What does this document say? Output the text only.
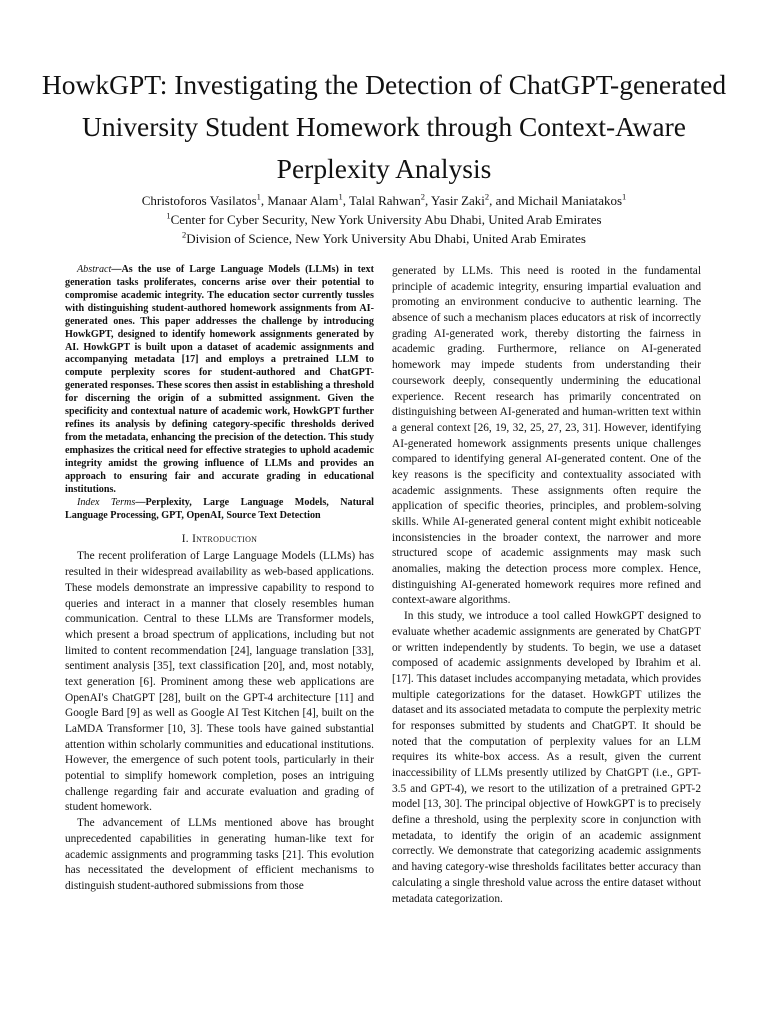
HowkGPT: Investigating the Detection of ChatGPT-generated University Student Homework through Context-Aware Perplexity Analysis

Christoforos Vasilatos$^1$, Manaar Alam$^1$, Talal Rahwan$^2$, Yasir Zaki$^2$, and Michail Maniatakos$^1$

$^1$Center for Cyber Security, New York University Abu Dhabi, United Arab Emirates

$^2$Division of Science, New York University Abu Dhabi, United Arab Emirates

Abstract—As the use of Large Language Models (LLMs) in text generation tasks proliferates, concerns arise over their potential to compromise academic integrity. The education sector currently tussles with distinguishing student-authored homework assignments from AI-generated ones. This paper addresses the challenge by introducing HowkGPT, designed to identify homework assignments generated by AI. HowkGPT is built upon a dataset of academic assignments and accompanying metadata [17] and employs a pretrained LLM to compute perplexity scores for student-authored and ChatGPT-generated responses. These scores then assist in establishing a threshold for discerning the origin of a submitted assignment. Given the specificity and contextual nature of academic work, HowkGPT further refines its analysis by defining category-specific thresholds derived from the metadata, enhancing the precision of the detection. This study emphasizes the critical need for effective strategies to uphold academic integrity amidst the growing influence of LLMs and provides an approach to ensuring fair and accurate grading in educational institutions.

Index Terms—Perplexity, Large Language Models, Natural Language Processing, GPT, OpenAI, Source Text Detection

I. Introduction

The recent proliferation of Large Language Models (LLMs) has resulted in their widespread availability as web-based applications. These models demonstrate an impressive capability to respond to queries and interact in a manner that closely resembles human communication. Central to these LLMs are Transformer models, which present a broad spectrum of applications, including but not limited to content recommendation [24], language translation [33], sentiment analysis [35], text classification [20], and, most notably, text generation [6]. Prominent among these web applications are OpenAI's ChatGPT [28], built on the GPT-4 architecture [11] and Google Bard [9] as well as Google AI Test Kitchen [4], built on the LaMDA Transformer [10, 3]. These tools have gained substantial attention within scholarly communities and educational institutions. However, the emergence of such potent tools, particularly in their potential to simplify homework completion, poses an intriguing challenge regarding fair and accurate evaluation and grading of student homework.

The advancement of LLMs mentioned above has brought unprecedented capabilities in generating human-like text for academic assignments and programming tasks [21]. This evolution has necessitated the development of efficient mechanisms to distinguish student-authored submissions from those

generated by LLMs. This need is rooted in the fundamental principle of academic integrity, ensuring impartial evaluation and promoting an environment conducive to authentic learning. The absence of such a mechanism places educators at risk of incorrectly grading AI-generated work, thereby distorting the fairness in academic grading. Furthermore, reliance on AI-generated homework may impede students from understanding their coursework deeply, consequently undermining the educational experience. Recent research has primarily concentrated on distinguishing between AI-generated and human-written text within a general context [26, 19, 32, 25, 27, 23, 31]. However, identifying AI-generated homework assignments presents unique challenges compared to identifying general AI-generated content. One of the key reasons is the specificity and contextuality associated with academic assignments. These assignments often require the application of specific theories, principles, and problem-solving skills. While AI-generated general content might exhibit noticeable inconsistencies in the broader context, the narrower and more structured scope of academic assignments may mask such anomalies, making the detection process more complex. Hence, distinguishing AI-generated homework requires more refined and context-aware algorithms.

In this study, we introduce a tool called HowkGPT designed to evaluate whether academic assignments are generated by ChatGPT or written independently by students. To begin, we use a dataset composed of academic assignments developed by Ibrahim et al. [17]. This dataset includes accompanying metadata, which provides multiple categorizations for the dataset. HowkGPT utilizes the dataset and its associated metadata to compute the perplexity metric for responses submitted by students and ChatGPT. It should be noted that the computation of perplexity values for an LLM requires its white-box access. As a result, given the current inaccessibility of LLMs presently utilized by ChatGPT (i.e., GPT-3.5 and GPT-4), we resort to the utilization of a pretrained GPT-2 model [13, 30]. The principal objective of HowkGPT is to precisely define a threshold, using the perplexity score in conjunction with metadata, to identify the origin of an academic assignment correctly. We demonstrate that categorizing academic assignments and having category-wise thresholds facilitates better accuracy than calculating a single threshold value across the entire dataset without metadata categorization.
